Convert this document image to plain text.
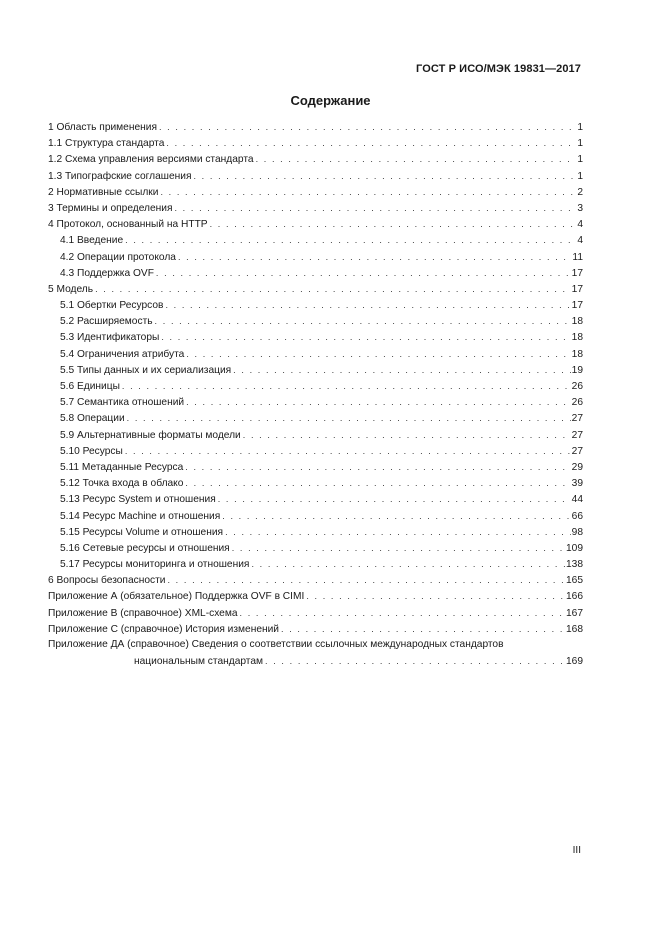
ГОСТ Р ИСО/МЭК 19831—2017
Содержание
1 Область применения . . .	1
1.1 Структура стандарта . . .	1
1.2 Схема управления версиями стандарта . . .	1
1.3 Типографские соглашения . . .	1
2 Нормативные ссылки . . .	2
3 Термины и определения . . .	3
4 Протокол, основанный на HTTP . . .	4
4.1 Введение . . .	4
4.2 Операции протокола . . .	11
4.3 Поддержка OVF . . .	17
5 Модель . . .	17
5.1 Обертки Ресурсов . . .	17
5.2 Расширяемость . . .	18
5.3 Идентификаторы . . .	18
5.4 Ограничения атрибута . . .	18
5.5 Типы данных и их сериализация . . .	19
5.6 Единицы . . .	26
5.7 Семантика отношений . . .	26
5.8 Операции . . .	27
5.9 Альтернативные форматы модели . . .	27
5.10 Ресурсы . . .	27
5.11 Метаданные Ресурса . . .	29
5.12 Точка входа в облако . . .	39
5.13 Ресурс System и отношения . . .	44
5.14 Ресурс Machine и отношения . . .	66
5.15 Ресурсы Volume и отношения . . .	98
5.16 Сетевые ресурсы и отношения . . .	109
5.17 Ресурсы мониторинга и отношения . . .	138
6 Вопросы безопасности . . .	165
Приложение А (обязательное) Поддержка OVF в CIMI . . .	166
Приложение В (справочное) XML-схема . . .	167
Приложение С (справочное) История изменений . . .	168
Приложение ДА (справочное) Сведения о соответствии ссылочных международных стандартов
национальным стандартам . . .	169
III
